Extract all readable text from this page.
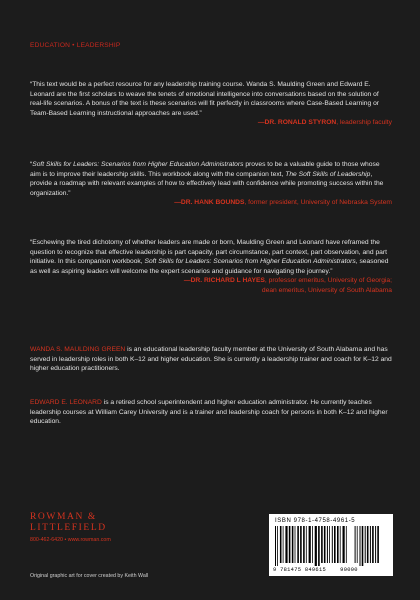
EDUCATION • LEADERSHIP
“This text would be a perfect resource for any leadership training course. Wanda S. Maulding Green and Edward E. Leonard are the first scholars to weave the tenets of emotional intelligence into conversations based on the solution of real-life scenarios. A bonus of the text is these scenarios will fit perfectly in classrooms where Case-Based Learning or Team-Based Learning instructional approaches are used.”
—DR. RONALD STYRON, leadership faculty
“Soft Skills for Leaders: Scenarios from Higher Education Administrators proves to be a valuable guide to those whose aim is to improve their leadership skills. This workbook along with the companion text, The Soft Skills of Leadership, provide a roadmap with relevant examples of how to effectively lead with confidence while promoting success within the organization.”
—DR. HANK BOUNDS, former president, University of Nebraska System
“Eschewing the tired dichotomy of whether leaders are made or born, Maulding Green and Leonard have reframed the question to recognize that effective leadership is part capacity, part circumstance, part context, part observation, and part initiative. In this companion workbook, Soft Skills for Leaders: Scenarios from Higher Education Administrators, seasoned as well as aspiring leaders will welcome the expert scenarios and guidance for navigating the journey.”
—DR. RICHARD L HAYES, professor emeritus, University of Georgia;
dean emeritus, University of South Alabama
WANDA S. MAULDING GREEN is an educational leadership faculty member at the University of South Alabama and has served in leadership roles in both K–12 and higher education. She is currently a leadership trainer and coach for K–12 and higher education practitioners.
EDWARD E. LEONARD is a retired school superintendent and higher education administrator. He currently teaches leadership courses at William Carey University and is a trainer and leadership coach for persons in both K–12 and higher education.
ROWMAN &
LITTLEFIELD
800-462-6420 • www.rowman.com
Original graphic art for cover created by Keith Wall
ISBN 978-1-4758-4961-5
9 781475 849615	90000
